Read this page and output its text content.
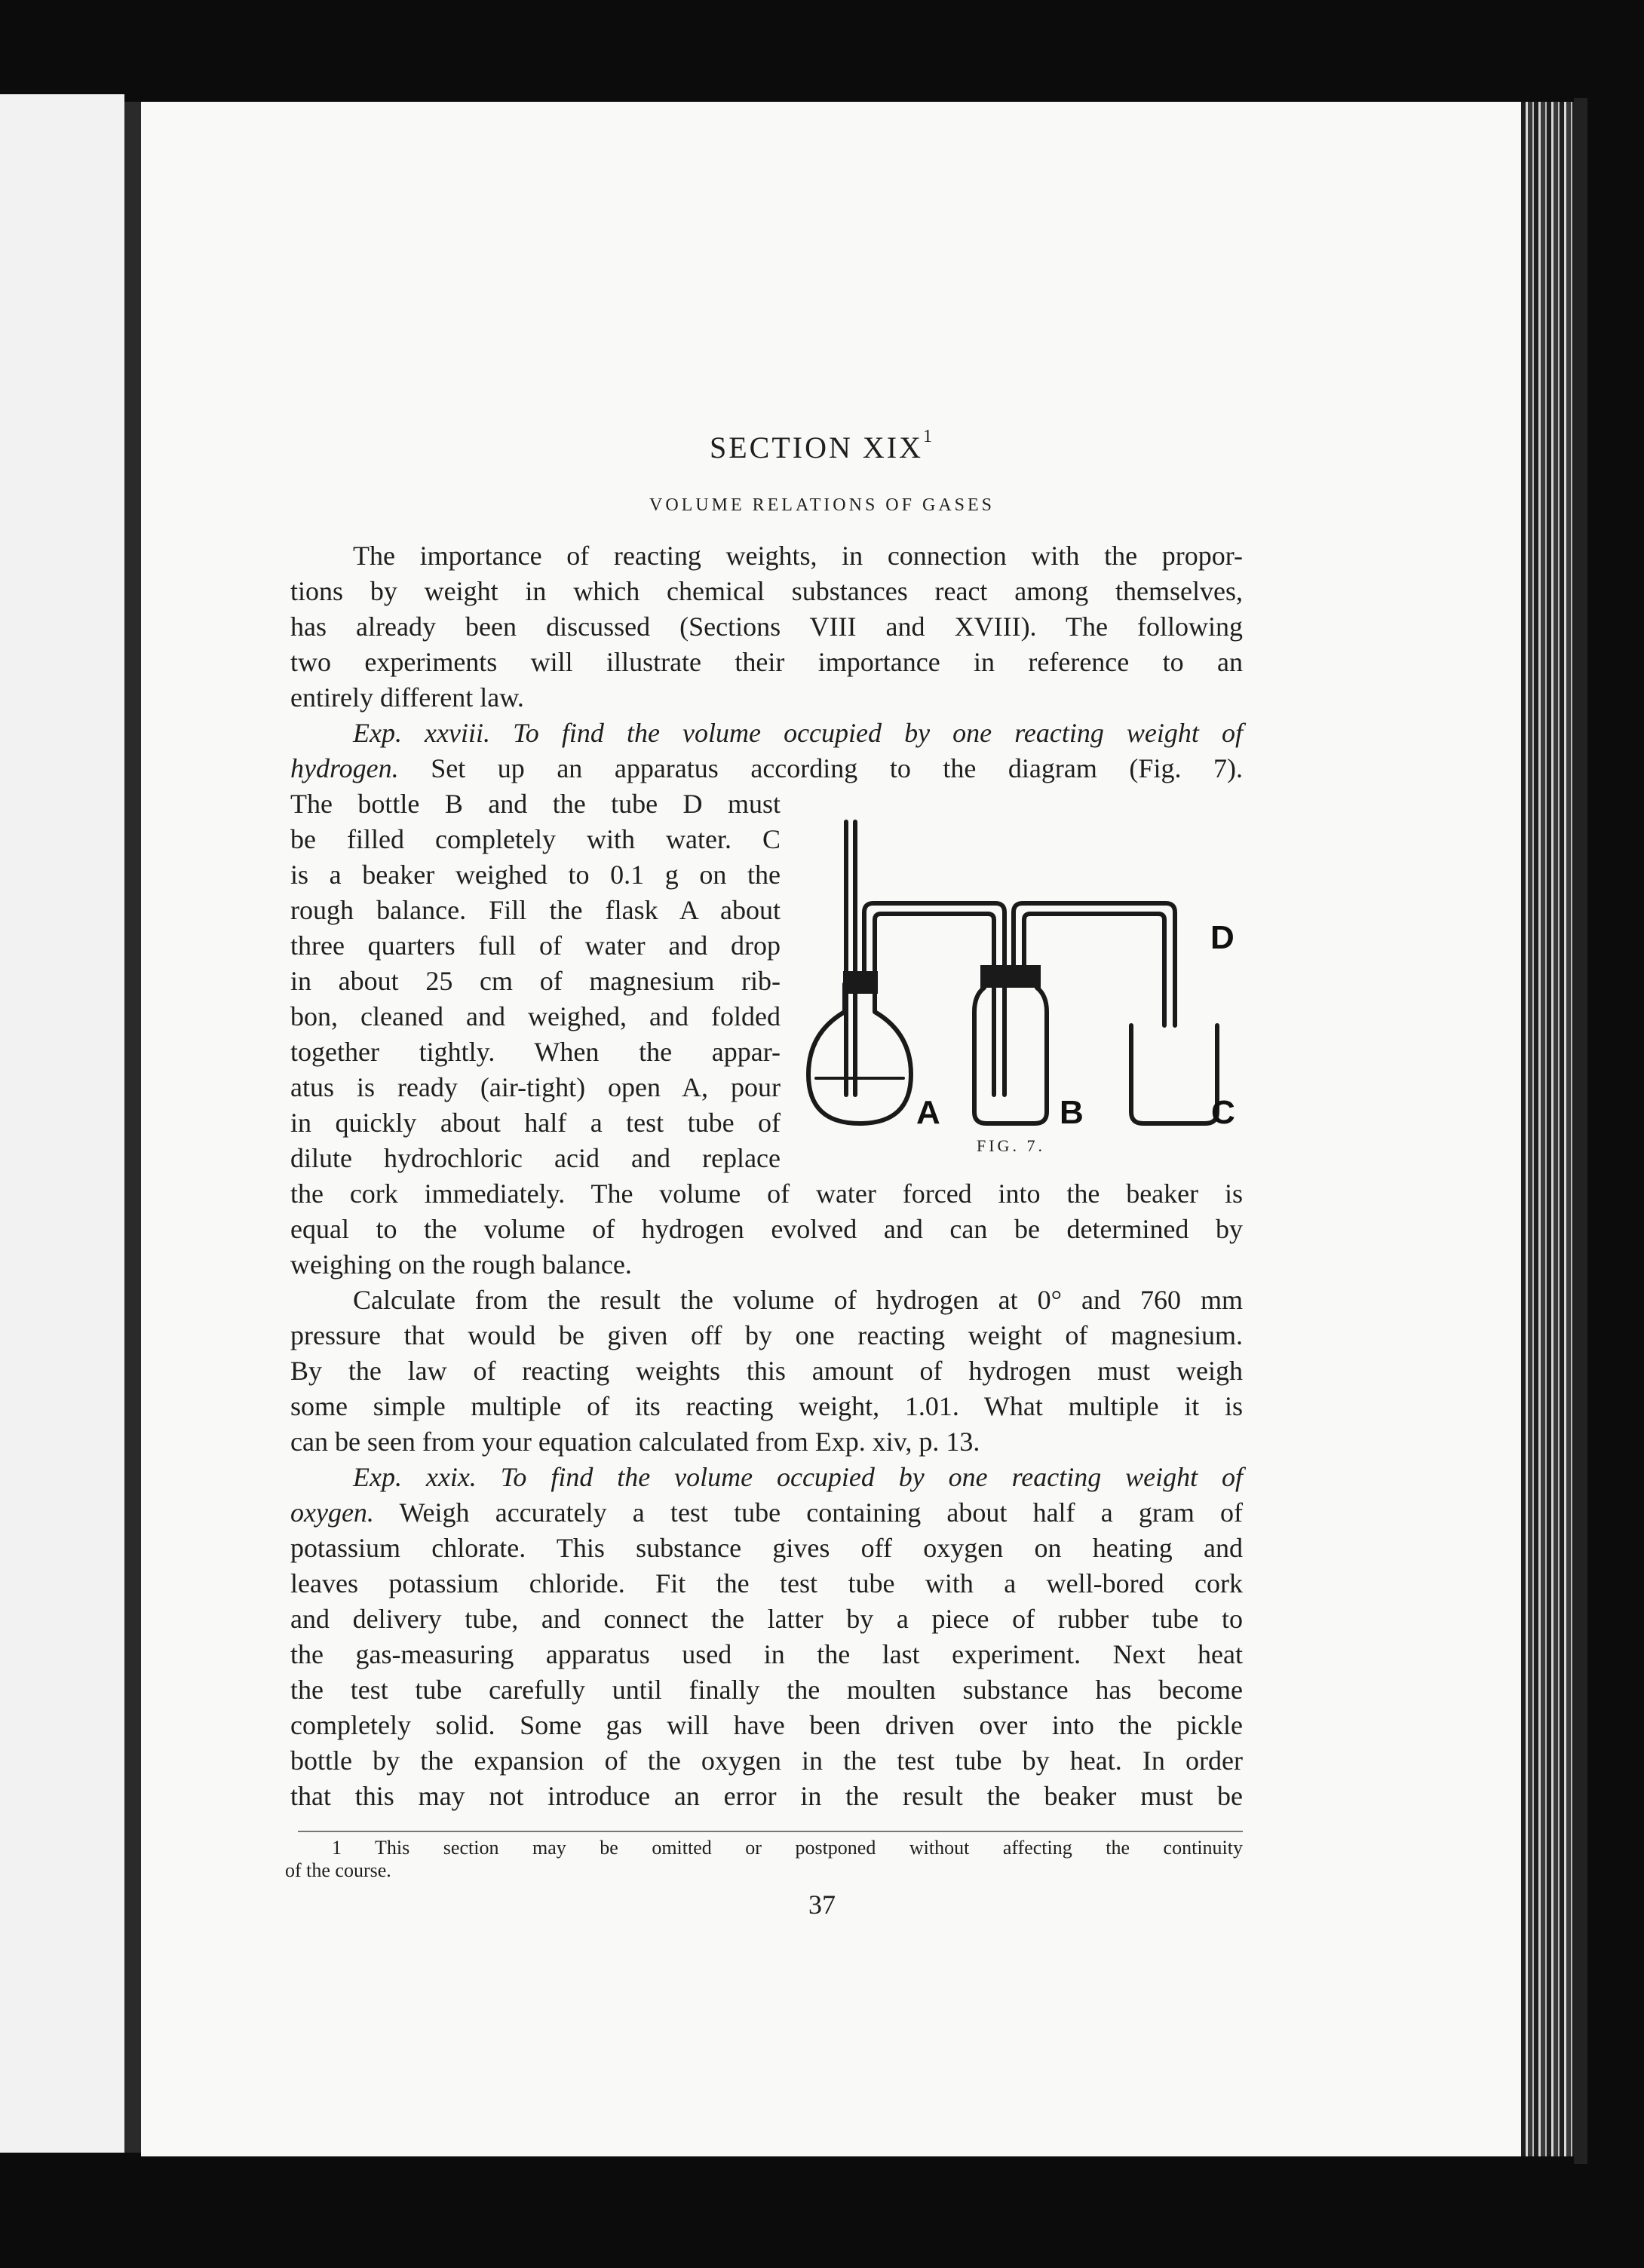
SECTION XIX$^1$
VOLUME RELATIONS OF GASES
The importance of reacting weights, in connection with the propor-
tions by weight in which chemical substances react among themselves,
has already been discussed (Sections VIII and XVIII). The following
two experiments will illustrate their importance in reference to an
entirely different law.
Exp. xxviii. To find the volume occupied by one reacting weight of
hydrogen. Set up an apparatus according to the diagram (Fig. 7).
The bottle B and the tube D must
be filled completely with water. C
is a beaker weighed to 0.1 g on the
rough balance. Fill the flask A about
three quarters full of water and drop
in about 25 cm of magnesium rib-
bon, cleaned and weighed, and folded
together tightly. When the appar-
atus is ready (air-tight) open A, pour
in quickly about half a test tube of
dilute hydrochloric acid and replace
A	B
D
C
FIG. 7.
the cork immediately. The volume of water forced into the beaker is
equal to the volume of hydrogen evolved and can be determined by
weighing on the rough balance.
Calculate from the result the volume of hydrogen at 0° and 760 mm
pressure that would be given off by one reacting weight of magnesium.
By the law of reacting weights this amount of hydrogen must weigh
some simple multiple of its reacting weight, 1.01. What multiple it is
can be seen from your equation calculated from Exp. xiv, p. 13.
Exp. xxix. To find the volume occupied by one reacting weight of
oxygen. Weigh accurately a test tube containing about half a gram of
potassium chlorate. This substance gives off oxygen on heating and
leaves potassium chloride. Fit the test tube with a well-bored cork
and delivery tube, and connect the latter by a piece of rubber tube to
the gas-measuring apparatus used in the last experiment. Next heat
the test tube carefully until finally the moulten substance has become
completely solid. Some gas will have been driven over into the pickle
bottle by the expansion of the oxygen in the test tube by heat. In order
that this may not introduce an error in the result the beaker must be
1 This section may be omitted or postponed without affecting the continuity
of the course.
37
